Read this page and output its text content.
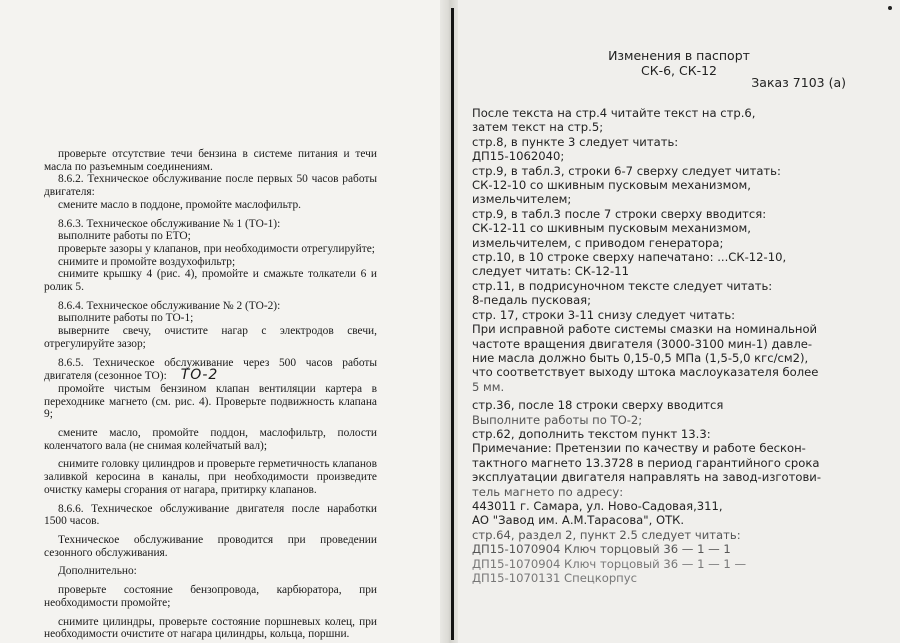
проверьте отсутствие течи бензина в системе питания и течи масла по разъемным соединениям.

8.6.2. Техническое обслуживание после первых 50 часов работы двигателя:

смените масло в поддоне, промойте маслофильтр.

8.6.3. Техническое обслуживание № 1 (ТО-1):

выполните работы по ЕТО;

проверьте зазоры у клапанов, при необходимости отрегулируйте;

снимите и промойте воздухофильтр;

снимите крышку 4 (рис. 4), промойте и смажьте толкатели 6 и ролик 5.

8.6.4. Техническое обслуживание № 2 (ТО-2):

выполните работы по ТО-1;

выверните свечу, очистите нагар с электродов свечи, отрегулируйте зазор;

8.6.5. Техническое обслуживание через 500 часов работы двигателя (сезонное ТО): ТО-2

промойте чистым бензином клапан вентиляции картера в переходнике магнето (см. рис. 4). Проверьте подвижность клапана 9;

смените масло, промойте поддон, маслофильтр, полости коленчатого вала (не снимая колейчатый вал);

снимите головку цилиндров и проверьте герметичность клапанов заливкой керосина в каналы, при необходимости произведите очистку камеры сгорания от нагара, притирку клапанов.

8.6.6. Техническое обслуживание двигателя после наработки 1500 часов.

Техническое обслуживание проводится при проведении сезонного обслуживания.

Дополнительно:

проверьте состояние бензопровода, карбюратора, при необходимости промойте;

снимите цилиндры, проверьте состояние поршневых колец, при необходимости очистите от нагара цилиндры, кольца, поршни.

Изменения в паспорт
СК-6, СК-12
Заказ 7103 (а)
После текста на стр.4 читайте текст на стр.6,
затем текст на стр.5;
стр.8, в пункте 3 следует читать:
ДП15-1062040;
стр.9, в табл.3, строки 6-7 сверху следует читать:
СК-12-10 со шкивным пусковым механизмом,
измельчителем;
стр.9, в табл.3 после 7 строки сверху вводится:
СК-12-11 со шкивным пусковым механизмом,
измельчителем, с приводом генератора;
стр.10, в 10 строке сверху напечатано: ...СК-12-10,
следует читать: СК-12-11
стр.11, в подрисуночном тексте следует читать:
8-педаль пусковая;
стр. 17, строки 3-11 снизу следует читать:
При исправной работе системы смазки на номинальной
частоте вращения двигателя (3000-3100 мин-1) давле-
ние масла должно быть 0,15-0,5 МПа (1,5-5,0 кгс/см2),
что соответствует выходу штока маслоуказателя более
5 мм.
стр.36, после 18 строки сверху вводится
Выполните работы по ТО-2;
стр.62, дополнить текстом пункт 13.3:
Примечание: Претензии по качеству и работе бескон-
тактного магнето 13.3728 в период гарантийного срока
эксплуатации двигателя направлять на завод-изготови-
тель магнето по адресу:
443011 г. Самара, ул. Ново-Садовая,311,
АО "Завод им. А.М.Тарасова", ОТК.
стр.64, раздел 2, пункт 2.5 следует читать:
ДП15-1070904 Ключ торцовый 36 — 1 — 1
ДП15-1070904 Ключ торцовый 36 — 1 — 1 —
ДП15-1070131 Спецкорпус
